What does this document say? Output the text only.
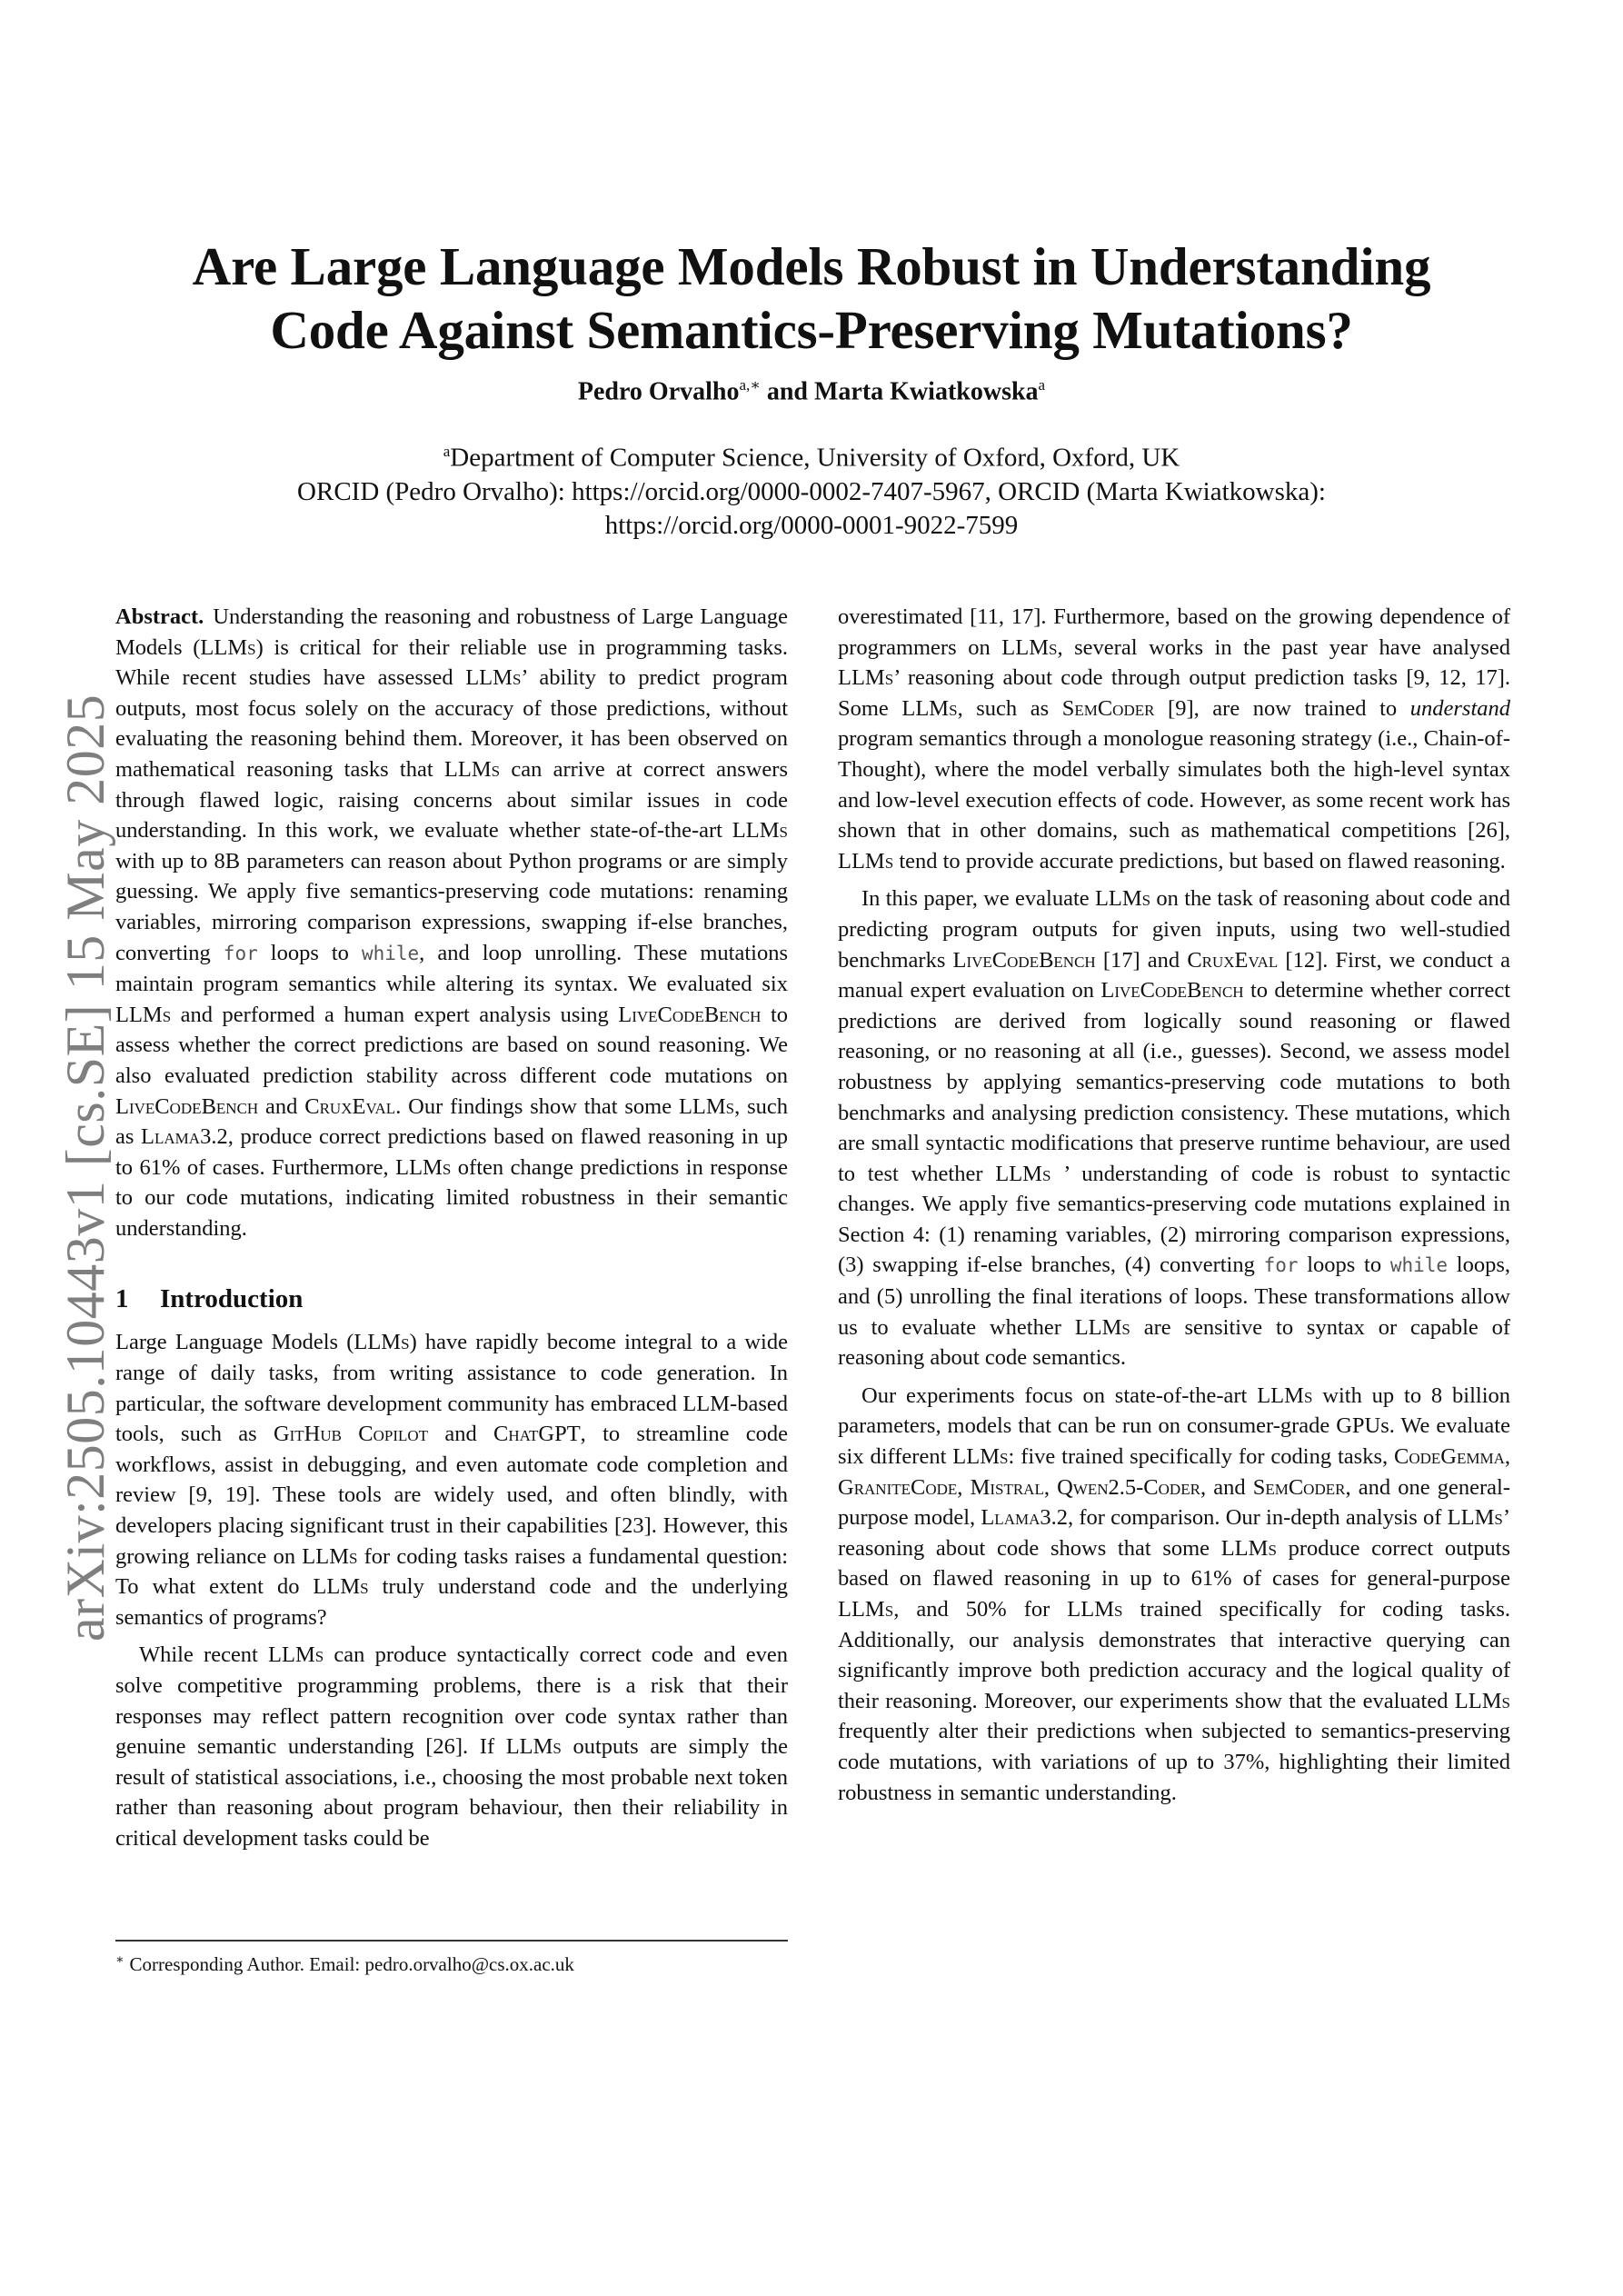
Are Large Language Models Robust in Understanding
Code Against Semantics-Preserving Mutations?
Pedro Orvalho$^{a,∗}$ and Marta Kwiatkowska$^a$
$^a$Department of Computer Science, University of Oxford, Oxford, UK
ORCID (Pedro Orvalho): https://orcid.org/0000-0002-7407-5967, ORCID (Marta Kwiatkowska):
https://orcid.org/0000-0001-9022-7599
arXiv:2505.10443v1 [cs.SE] 15 May 2025

Abstract. Understanding the reasoning and robustness of Large Language Models (LLMs) is critical for their reliable use in programming tasks. While recent studies have assessed LLMs’ ability to predict program outputs, most focus solely on the accuracy of those predictions, without evaluating the reasoning behind them. Moreover, it has been observed on mathematical reasoning tasks that LLMs can arrive at correct answers through flawed logic, raising concerns about similar issues in code understanding. In this work, we evaluate whether state-of-the-art LLMs with up to 8B parameters can reason about Python programs or are simply guessing. We apply five semantics-preserving code mutations: renaming variables, mirroring comparison expressions, swapping if-else branches, converting for loops to while, and loop unrolling. These mutations maintain program semantics while altering its syntax. We evaluated six LLMs and performed a human expert analysis using LiveCodeBench to assess whether the correct predictions are based on sound reasoning. We also evaluated prediction stability across different code mutations on LiveCodeBench and CruxEval. Our findings show that some LLMs, such as Llama3.2, produce correct predictions based on flawed reasoning in up to 61% of cases. Furthermore, LLMs often change predictions in response to our code mutations, indicating limited robustness in their semantic understanding.

1 Introduction

Large Language Models (LLMs) have rapidly become integral to a wide range of daily tasks, from writing assistance to code generation. In particular, the software development community has embraced LLM-based tools, such as GitHub Copilot and ChatGPT, to streamline code workflows, assist in debugging, and even automate code completion and review [9, 19]. These tools are widely used, and often blindly, with developers placing significant trust in their capabilities [23]. However, this growing reliance on LLMs for coding tasks raises a fundamental question: To what extent do LLMs truly understand code and the underlying semantics of programs?

While recent LLMs can produce syntactically correct code and even solve competitive programming problems, there is a risk that their responses may reflect pattern recognition over code syntax rather than genuine semantic understanding [26]. If LLMs outputs are simply the result of statistical associations, i.e., choosing the most probable next token rather than reasoning about program behaviour, then their reliability in critical development tasks could be

∗ Corresponding Author. Email: pedro.orvalho@cs.ox.ac.uk

overestimated [11, 17]. Furthermore, based on the growing dependence of programmers on LLMs, several works in the past year have analysed LLMs’ reasoning about code through output prediction tasks [9, 12, 17]. Some LLMs, such as SemCoder [9], are now trained to understand program semantics through a monologue reasoning strategy (i.e., Chain-of-Thought), where the model verbally simulates both the high-level syntax and low-level execution effects of code. However, as some recent work has shown that in other domains, such as mathematical competitions [26], LLMs tend to provide accurate predictions, but based on flawed reasoning.

In this paper, we evaluate LLMs on the task of reasoning about code and predicting program outputs for given inputs, using two well-studied benchmarks LiveCodeBench [17] and CruxEval [12]. First, we conduct a manual expert evaluation on LiveCodeBench to determine whether correct predictions are derived from logically sound reasoning or flawed reasoning, or no reasoning at all (i.e., guesses). Second, we assess model robustness by applying semantics-preserving code mutations to both benchmarks and analysing prediction consistency. These mutations, which are small syntactic modifications that preserve runtime behaviour, are used to test whether LLMs ’ understanding of code is robust to syntactic changes. We apply five semantics-preserving code mutations explained in Section 4: (1) renaming variables, (2) mirroring comparison expressions, (3) swapping if-else branches, (4) converting for loops to while loops, and (5) unrolling the final iterations of loops. These transformations allow us to evaluate whether LLMs are sensitive to syntax or capable of reasoning about code semantics.

Our experiments focus on state-of-the-art LLMs with up to 8 billion parameters, models that can be run on consumer-grade GPUs. We evaluate six different LLMs: five trained specifically for coding tasks, CodeGemma, GraniteCode, Mistral, Qwen2.5-Coder, and SemCoder, and one general-purpose model, Llama3.2, for comparison. Our in-depth analysis of LLMs’ reasoning about code shows that some LLMs produce correct outputs based on flawed reasoning in up to 61% of cases for general-purpose LLMs, and 50% for LLMs trained specifically for coding tasks. Additionally, our analysis demonstrates that interactive querying can significantly improve both prediction accuracy and the logical quality of their reasoning. Moreover, our experiments show that the evaluated LLMs frequently alter their predictions when subjected to semantics-preserving code mutations, with variations of up to 37%, highlighting their limited robustness in semantic understanding.
